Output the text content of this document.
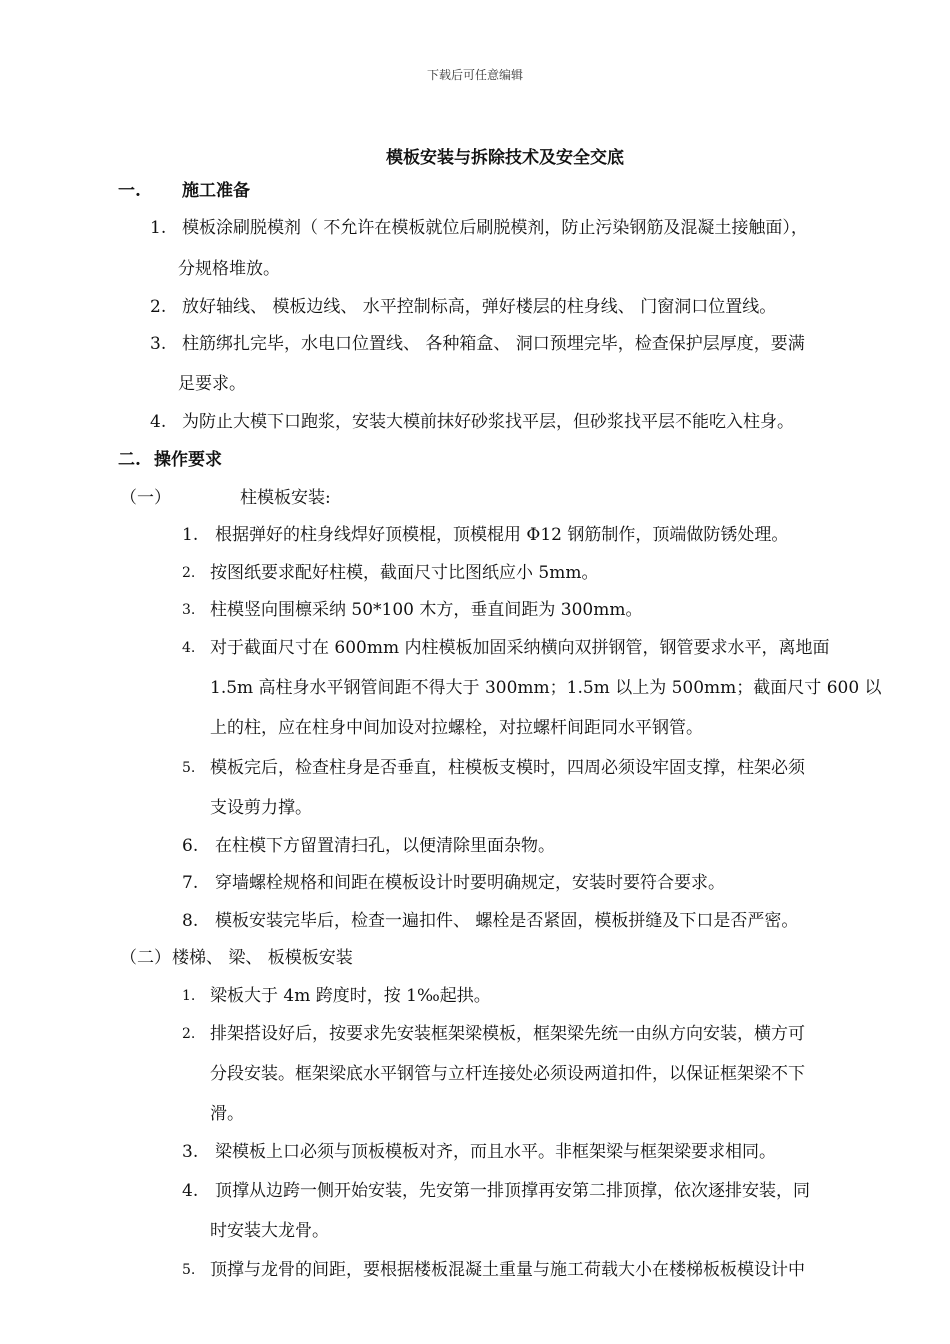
下载后可任意编辑
模板安装与拆除技术及安全交底
一. 施工准备
1. 模板涂刷脱模剂（ 不允许在模板就位后刷脱模剂，防止污染钢筋及混凝土接触面），
分规格堆放。
2. 放好轴线、 模板边线、 水平控制标高，弹好楼层的柱身线、 门窗洞口位置线。
3. 柱筋绑扎完毕，水电口位置线、 各种箱盒、 洞口预埋完毕，检查保护层厚度，要满
足要求。
4. 为防止大模下口跑浆，安装大模前抹好砂浆找平层，但砂浆找平层不能吃入柱身。
二. 操作要求
（一）	柱模板安装:
1. 根据弹好的柱身线焊好顶模棍，顶模棍用 Φ12 钢筋制作，顶端做防锈处理。
2. 按图纸要求配好柱模，截面尺寸比图纸应小 5mm。
3. 柱模竖向围檩采纳 50*100 木方，垂直间距为 300mm。
4. 对于截面尺寸在 600mm 内柱模板加固采纳横向双拼钢管，钢管要求水平，离地面
1.5m 高柱身水平钢管间距不得大于 300mm；1.5m 以上为 500mm；截面尺寸 600 以
上的柱，应在柱身中间加设对拉螺栓，对拉螺杆间距同水平钢管。
5. 模板完后，检查柱身是否垂直，柱模板支模时，四周必须设牢固支撑，柱架必须
支设剪力撑。
6. 在柱模下方留置清扫孔，以便清除里面杂物。
7. 穿墙螺栓规格和间距在模板设计时要明确规定，安装时要符合要求。
8. 模板安装完毕后，检查一遍扣件、 螺栓是否紧固，模板拼缝及下口是否严密。
（二） 楼梯、 梁、 板模板安装
1. 梁板大于 4m 跨度时，按 1‰起拱。
2. 排架搭设好后，按要求先安装框架梁模板，框架梁先统一由纵方向安装，横方可
分段安装。框架梁底水平钢管与立杆连接处必须设两道扣件，以保证框架梁不下
滑。
3. 梁模板上口必须与顶板模板对齐，而且水平。非框架梁与框架梁要求相同。
4. 顶撑从边跨一侧开始安装，先安第一排顶撑再安第二排顶撑，依次逐排安装，同
时安装大龙骨。
5. 顶撑与龙骨的间距，要根据楼板混凝土重量与施工荷载大小在楼梯板板模设计中
